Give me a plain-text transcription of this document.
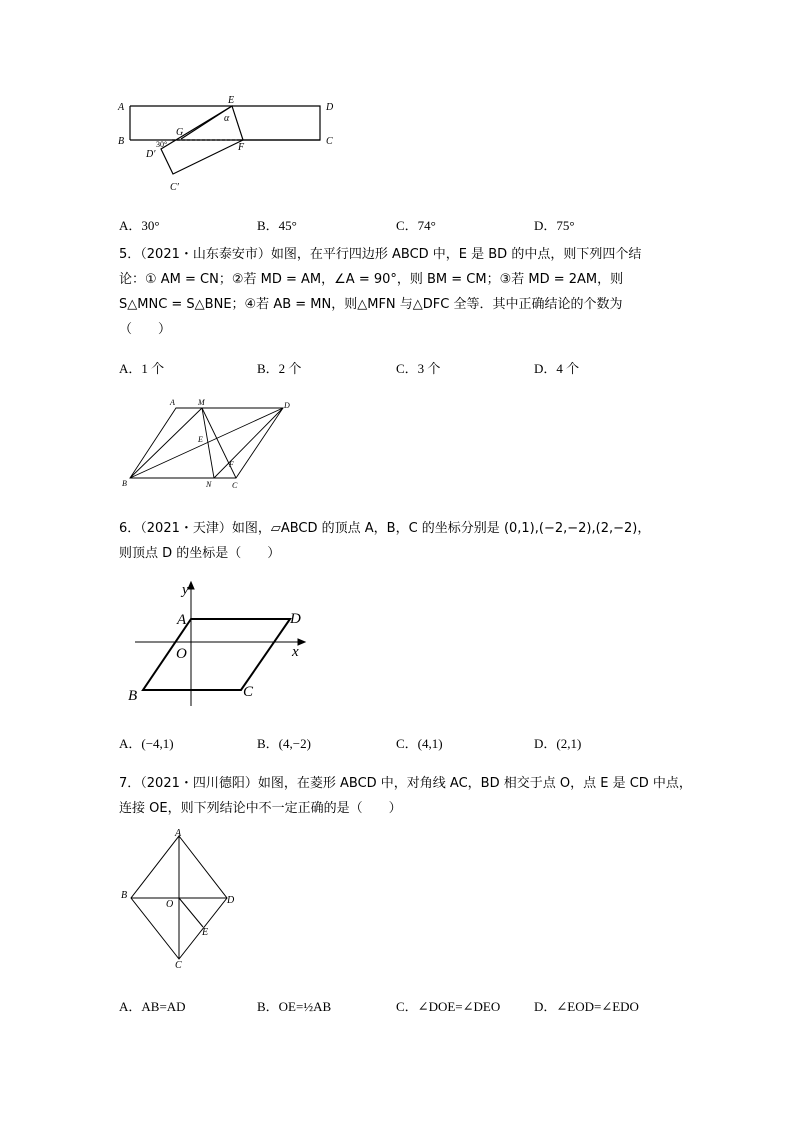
A
B
E
D
C
G
F
α
D′
C′
30°
A．30°	B．45°	C．74°	D．75°
5．（2021・山东泰安市）如图，在平行四边形 ABCD 中，E 是 BD 的中点，则下列四个结
论：① AM = CN；②若 MD = AM，∠A = 90°，则 BM = CM；③若 MD = 2AM，则
S△MNC = S△BNE；④若 AB = MN，则△MFN 与△DFC 全等．其中正确结论的个数为
（　　）
A．1 个	B．2 个	C．3 个	D．4 个
A	M	D
E
F
B	N	C
6．（2021・天津）如图，▱ABCD 的顶点 A，B，C 的坐标分别是 (0,1),(−2,−2),(2,−2)，
则顶点 D 的坐标是（　　）
y
x
A	D
O
B	C
A．(−4,1)	B．(4,−2)	C．(4,1)	D．(2,1)
7．（2021・四川德阳）如图，在菱形 ABCD 中，对角线 AC，BD 相交于点 O，点 E 是 CD 中点，
连接 OE，则下列结论中不一定正确的是（　　）
A
B
O	D
E
C
A．AB=AD	B．OE=½AB	C．∠DOE=∠DEO	D．∠EOD=∠EDO
